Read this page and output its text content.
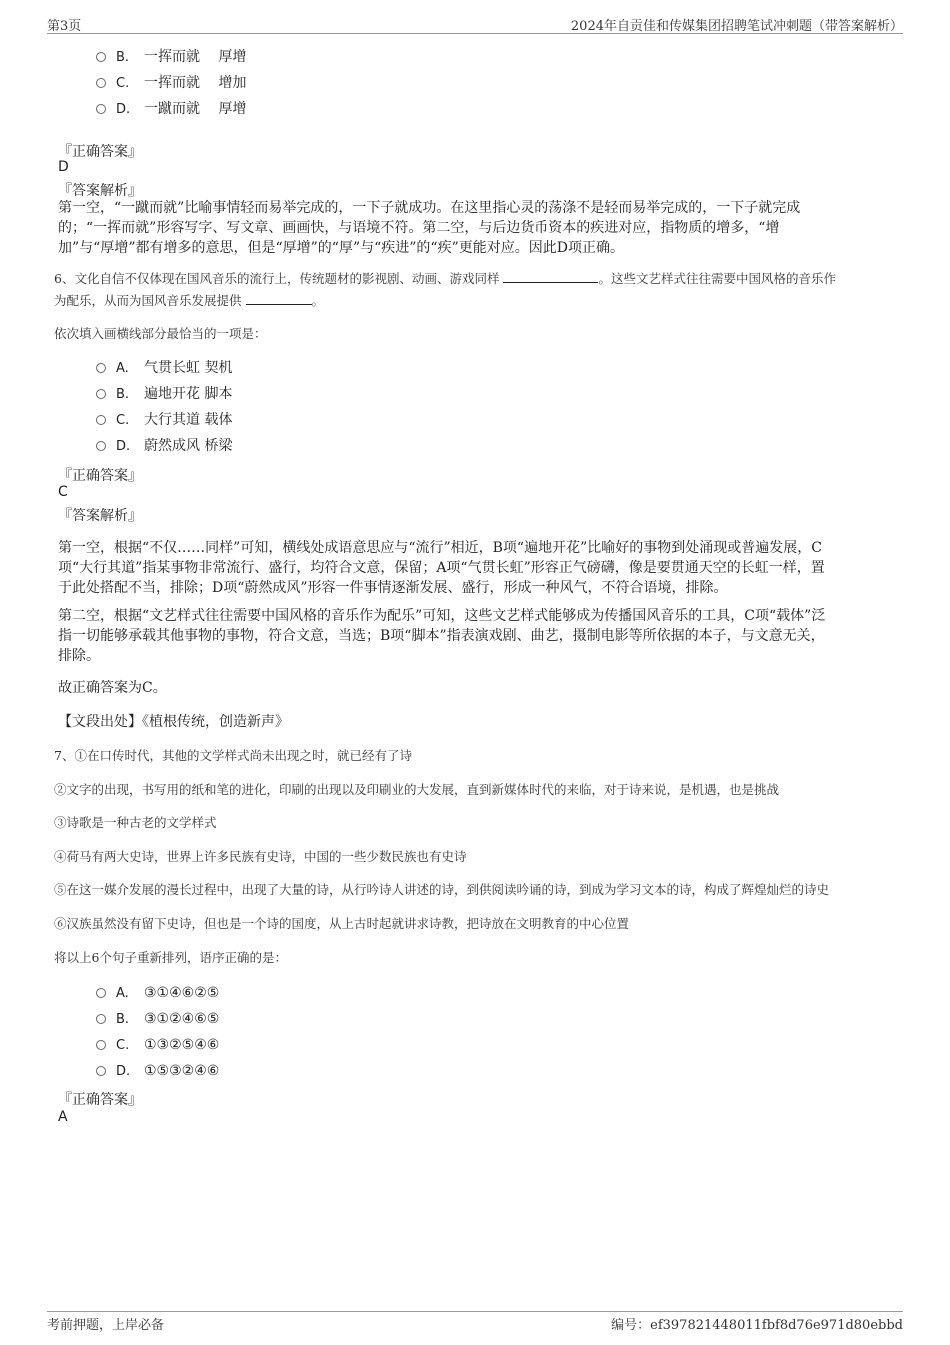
第3页	2024年自贡佳和传媒集团招聘笔试冲刺题（带答案解析）
B. 一挥而就　 厚增
C. 一挥而就　 增加
D. 一蹴而就　 厚增
『正确答案』
D
『答案解析』
第一空，“一蹴而就”比喻事情轻而易举完成的，一下子就成功。在这里指心灵的荡涤不是轻而易举完成的，一下子就完成
的；“一挥而就”形容写字、写文章、画画快，与语境不符。第二空，与后边货币资本的疾进对应，指物质的增多，“增
加”与“厚增”都有增多的意思，但是“厚增”的“厚”与“疾进”的“疾”更能对应。因此D项正确。
6、文化自信不仅体现在国风音乐的流行上，传统题材的影视剧、动画、游戏同样	。这些文艺样式往往需要中国风格的音乐作
为配乐，从而为国风音乐发展提供	。
依次填入画横线部分最恰当的一项是：
A. 气贯长虹 契机
B. 遍地开花 脚本
C. 大行其道 载体
D. 蔚然成风 桥梁
『正确答案』
C
『答案解析』
第一空，根据“不仅……同样”可知，横线处成语意思应与“流行”相近，B项“遍地开花”比喻好的事物到处涌现或普遍发展，C
项“大行其道”指某事物非常流行、盛行，均符合文意，保留；A项“气贯长虹”形容正气磅礴，像是要贯通天空的长虹一样，置
于此处搭配不当，排除；D项“蔚然成风”形容一件事情逐渐发展、盛行，形成一种风气，不符合语境，排除。
第二空，根据“文艺样式往往需要中国风格的音乐作为配乐”可知，这些文艺样式能够成为传播国风音乐的工具，C项“载体”泛
指一切能够承载其他事物的事物，符合文意，当选；B项“脚本”指表演戏剧、曲艺，摄制电影等所依据的本子，与文意无关，
排除。
故正确答案为C。
【文段出处】《植根传统，创造新声》
7、①在口传时代，其他的文学样式尚未出现之时，就已经有了诗
②文字的出现，书写用的纸和笔的进化，印刷的出现以及印刷业的大发展，直到新媒体时代的来临，对于诗来说，是机遇，也是挑战
③诗歌是一种古老的文学样式
④荷马有两大史诗，世界上许多民族有史诗，中国的一些少数民族也有史诗
⑤在这一媒介发展的漫长过程中，出现了大量的诗，从行吟诗人讲述的诗，到供阅读吟诵的诗，到成为学习文本的诗，构成了辉煌灿烂的诗史
⑥汉族虽然没有留下史诗，但也是一个诗的国度，从上古时起就讲求诗教，把诗放在文明教育的中心位置
将以上6个句子重新排列，语序正确的是：
A. ③①④⑥②⑤
B. ③①②④⑥⑤
C. ①③②⑤④⑥
D. ①⑤③②④⑥
『正确答案』
A
考前押题，上岸必备	编号：ef397821448011fbf8d76e971d80ebbd
